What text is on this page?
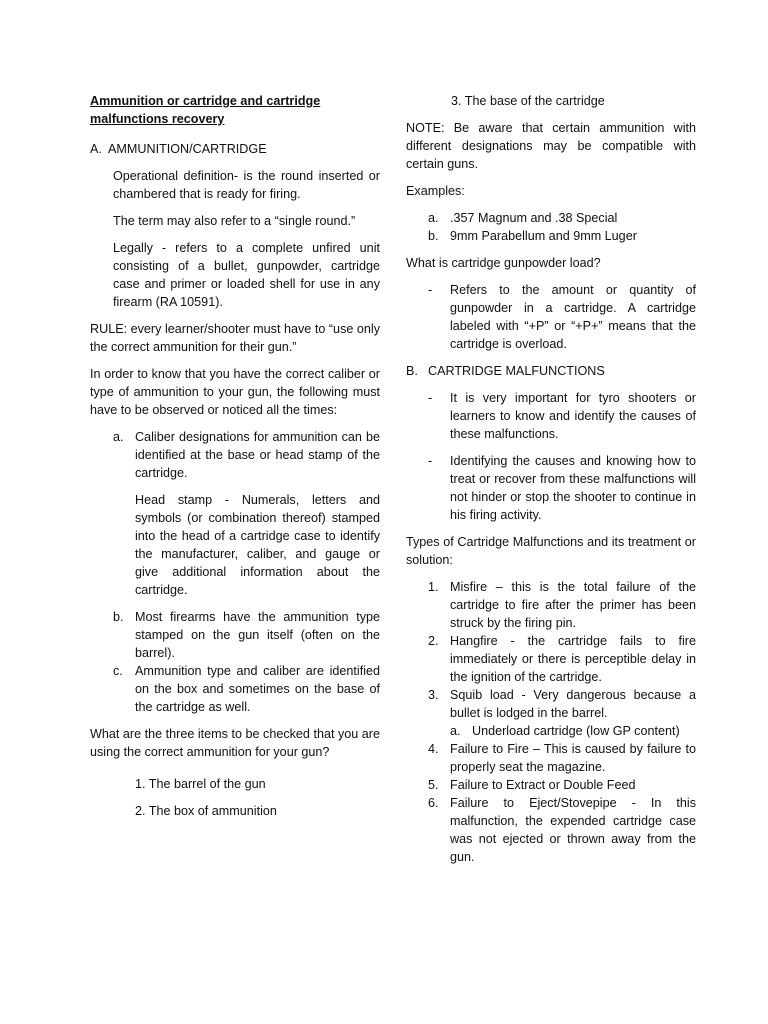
Ammunition or cartridge and cartridge
malfunctions recovery
A. AMMUNITION/CARTRIDGE

Operational definition- is the round inserted or chambered that is ready for firing.

The term may also refer to a “single round.”

Legally - refers to a complete unfired unit consisting of a bullet, gunpowder, cartridge case and primer or loaded shell for use in any firearm (RA 10591).

RULE: every learner/shooter must have to “use only the correct ammunition for their gun.”

In order to know that you have the correct caliber or type of ammunition to your gun, the following must have to be observed or noticed all the times:

a. Caliber designations for ammunition can be identified at the base or head stamp of the cartridge.
Head stamp - Numerals, letters and symbols (or combination thereof) stamped into the head of a cartridge case to identify the manufacturer, caliber, and gauge or give additional information about the cartridge.
b. Most firearms have the ammunition type stamped on the gun itself (often on the barrel).
c. Ammunition type and caliber are identified on the box and sometimes on the base of the cartridge as well.

What are the three items to be checked that you are using the correct ammunition for your gun?

1. The barrel of the gun

2. The box of ammunition

3. The base of the cartridge

NOTE: Be aware that certain ammunition with different designations may be compatible with certain guns.

Examples:

a. .357 Magnum and .38 Special
b. 9mm Parabellum and 9mm Luger

What is cartridge gunpowder load?

-	Refers to the amount or quantity of gunpowder in a cartridge. A cartridge labeled with “+P” or “+P+” means that the cartridge is overload.
B. CARTRIDGE MALFUNCTIONS
-	It is very important for tyro shooters or learners to know and identify the causes of these malfunctions.
-	Identifying the causes and knowing how to treat or recover from these malfunctions will not hinder or stop the shooter to continue in his firing activity.

Types of Cartridge Malfunctions and its treatment or solution:

1. Misfire – this is the total failure of the cartridge to fire after the primer has been struck by the firing pin.
2. Hangfire - the cartridge fails to fire immediately or there is perceptible delay in the ignition of the cartridge.
3. Squib load - Very dangerous because a bullet is lodged in the barrel.
a. Underload cartridge (low GP content)
4. Failure to Fire – This is caused by failure to properly seat the magazine.
5. Failure to Extract or Double Feed
6. Failure to Eject/Stovepipe - In this malfunction, the expended cartridge case was not ejected or thrown away from the gun.
